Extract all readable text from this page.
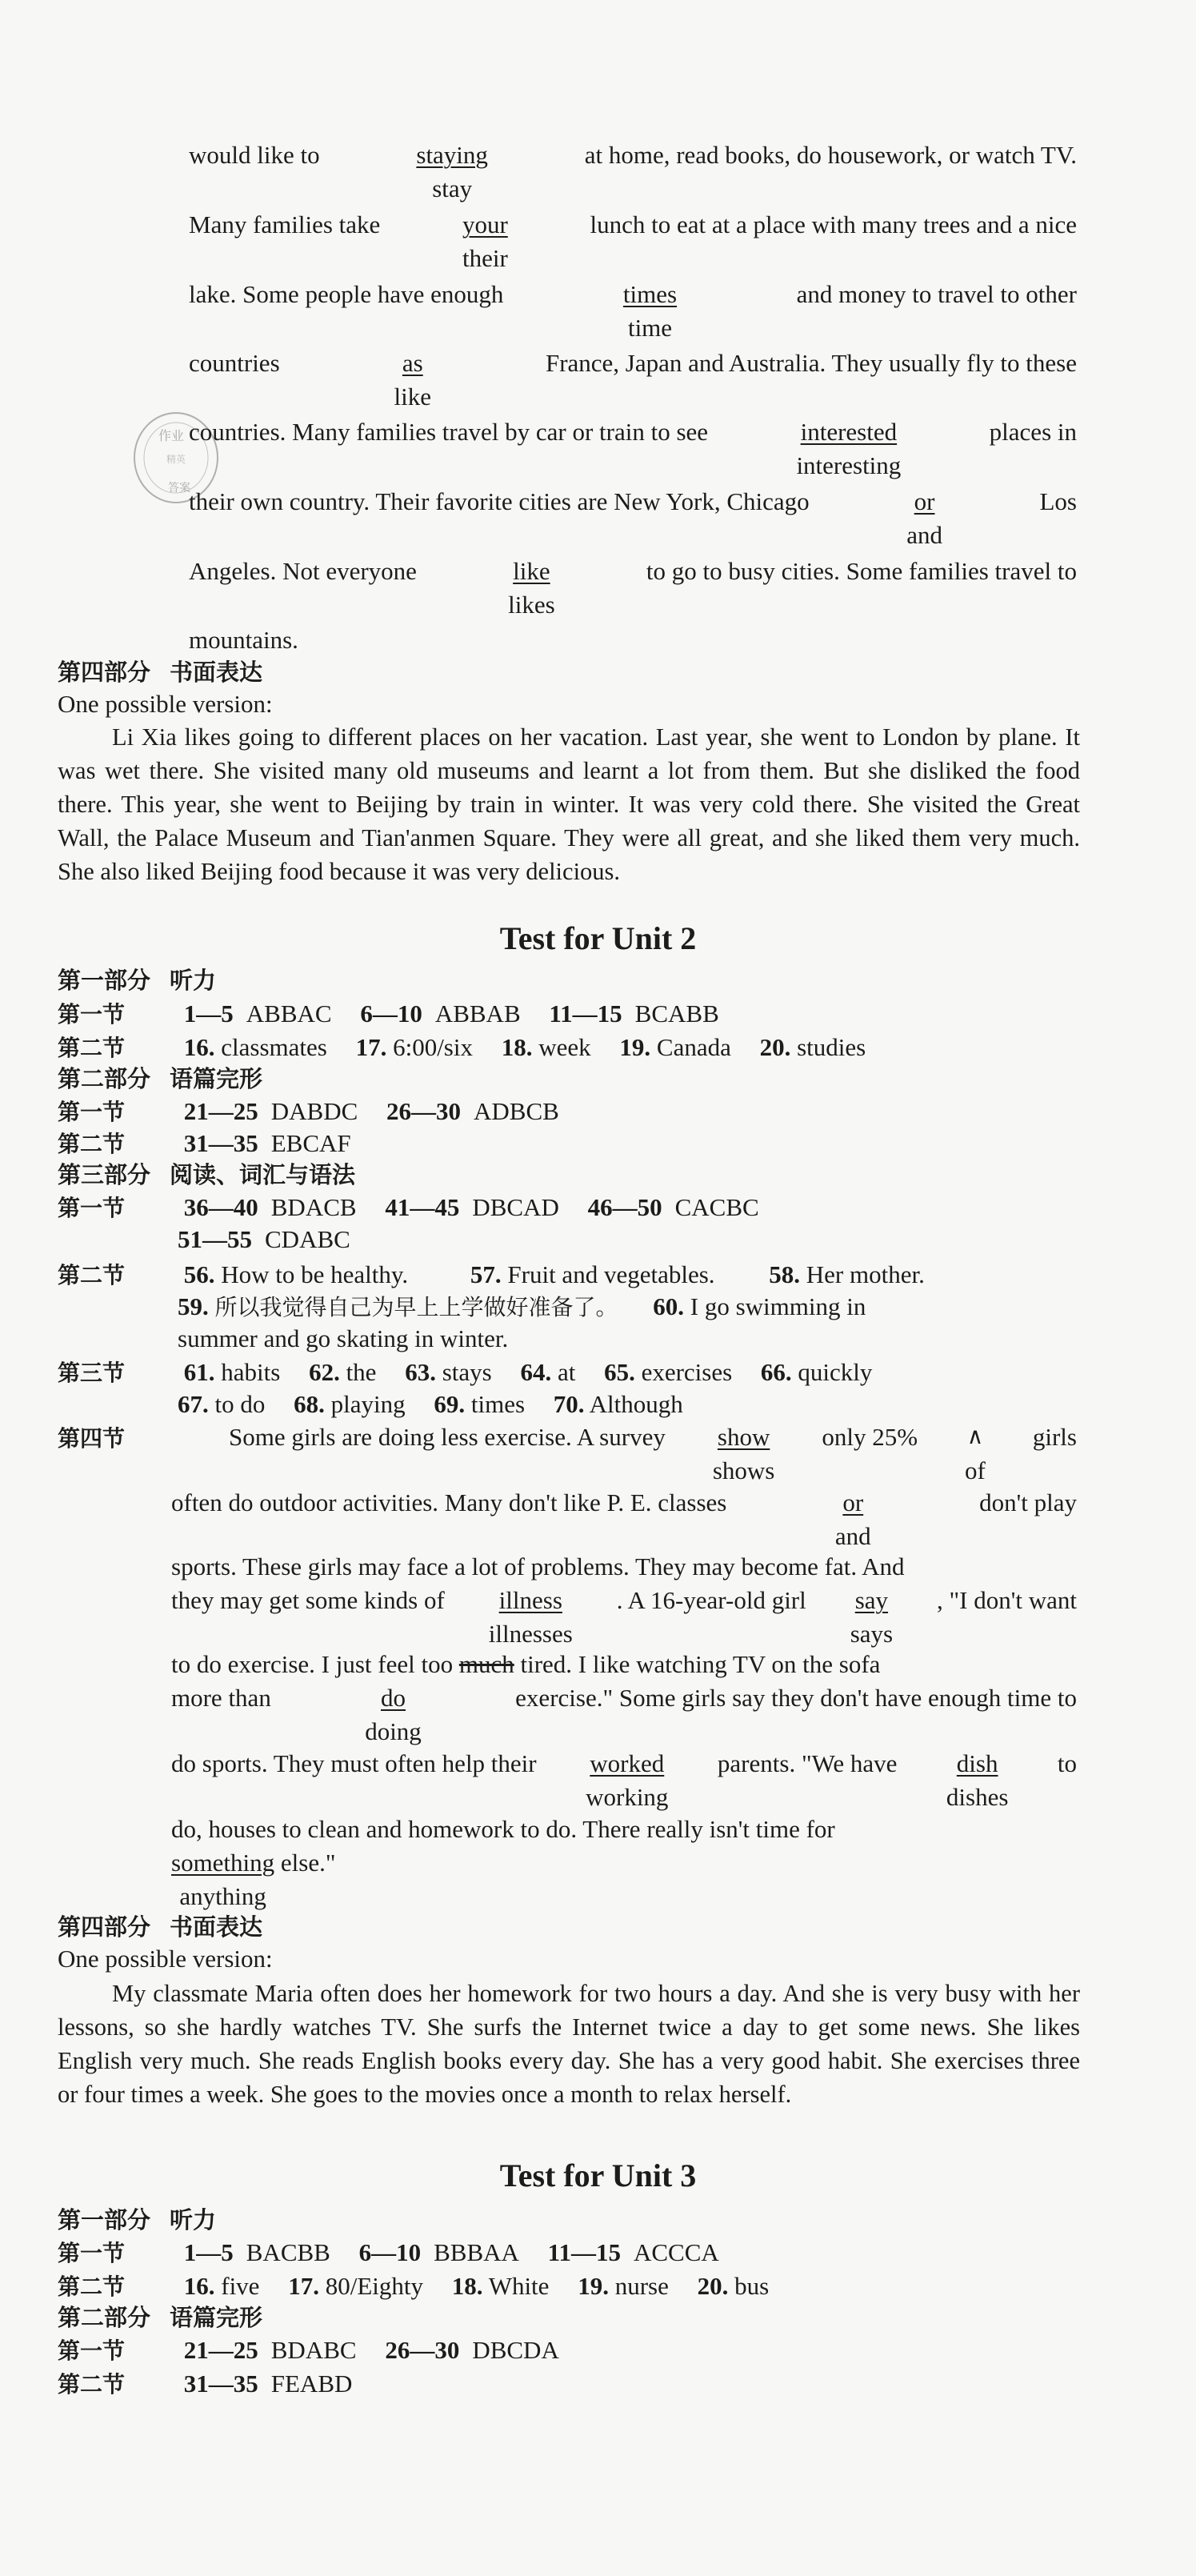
作业
精英
答案
would like to	staying
stay
at home, read books, do housework, or watch TV.
Many families take	your
their
lunch to eat at a place with many trees and a nice
lake. Some people have enough	times
time
and money to travel to other
countries	as
like
France, Japan and Australia. They usually fly to these
countries. Many families travel by car or train to see	interested
interesting
places in
their own country. Their favorite cities are New York, Chicago	or
and
Los
Angeles. Not everyone	like
likes
to go to busy cities. Some families travel to
mountains.
第四部分 书面表达
One possible version:
Li Xia likes going to different places on her vacation. Last year, she went to London by plane. It was wet there. She visited many old museums and learnt a lot from them. But she disliked the food there. This year, she went to Beijing by train in winter. It was very cold there. She visited the Great Wall, the Palace Museum and Tian'anmen Square. They were all great, and she liked them very much. She also liked Beijing food because it was very delicious.
Test for Unit 2
第一部分 听力
第一节 1—5 ABBAC 6—10 ABBAB 11—15 BCABB
第二节 16. classmates 17. 6:00/six 18. week 19. Canada 20. studies
第二部分 语篇完形
第一节 21—25 DABDC 26—30 ADBCB
第二节 31—35 EBCAF
第三部分 阅读、词汇与语法
第一节 36—40 BDACB 41—45 DBCAD 46—50 CACBC
51—55 CDABC
第二节 56. How to be healthy.	57. Fruit and vegetables. 58. Her mother.
59. 所以我觉得自己为早上上学做好准备了。 60. I go swimming in
summer and go skating in winter.
第三节 61. habits 62. the 63. stays 64. at 65. exercises 66. quickly
67. to do 68. playing 69. times 70. Although
第四节	Some girls are doing less exercise. A survey show
shows
only 25% ∧
of
girls
often do outdoor activities. Many don't like P. E. classes	or
and
don't play
sports. These girls may face a lot of problems. They may become fat. And
they may get some kinds of illness
illnesses
. A 16-year-old girl say
says
, "I don't want
to do exercise. I just feel too much tired. I like watching TV on the sofa
more than	do
doing
exercise." Some girls say they don't have enough time to
do sports. They must often help their worked
working
parents. "We have dish
dishes
to
do, houses to clean and homework to do. There really isn't time for
something
anything
else."
第四部分 书面表达
One possible version:
My classmate Maria often does her homework for two hours a day. And she is very busy with her lessons, so she hardly watches TV. She surfs the Internet twice a day to get some news. She likes English very much. She reads English books every day. She has a very good habit. She exercises three or four times a week. She goes to the movies once a month to relax herself.
Test for Unit 3
第一部分 听力
第一节 1—5 BACBB 6—10 BBBAA 11—15 ACCCA
第二节 16. five 17. 80/Eighty 18. White 19. nurse 20. bus
第二部分 语篇完形
第一节 21—25 BDABC 26—30 DBCDA
第二节 31—35 FEABD
